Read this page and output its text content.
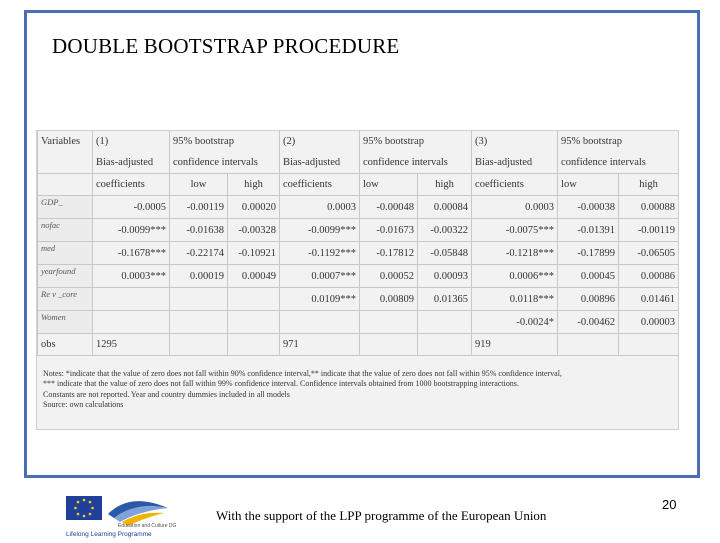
DOUBLE BOOTSTRAP PROCEDURE
Variables	(1)	95% bootstrap		(2)	95% bootstrap		(3)	95% bootstrap	
	Bias-adjusted	confidence intervals		Bias-adjusted	confidence intervals		Bias-adjusted	confidence intervals	
	coefficients	low	high	coefficients	low	high	coefficients	low	high
GDP_	-0.0005	-0.00119	0.00020	0.0003	-0.00048	0.00084	0.0003	-0.00038	0.00088
nofac	-0.0099***	-0.01638	-0.00328	-0.0099***	-0.01673	-0.00322	-0.0075***	-0.01391	-0.00119
med	-0.1678***	-0.22174	-0.10921	-0.1192***	-0.17812	-0.05848	-0.1218***	-0.17899	-0.06505
yearfound	0.0003***	0.00019	0.00049	0.0007***	0.00052	0.00093	0.0006***	0.00045	0.00086
Re v _core				0.0109***	0.00809	0.01365	0.0118***	0.00896	0.01461
Women							-0.0024*	-0.00462	0.00003
obs	1295			971			919		
Notes: *indicate that the value of zero does not fall within 90% confidence interval,** indicate that the value of zero does not fall within 95% confidence interval,
*** indicate that the value of zero does not fall within 99% confidence interval. Confidence intervals obtained from 1000 bootstrapping interactions.
Constants are not reported. Year and country dummies included in all models
Source: own calculations
Education and Culture DG
Lifelong Learning Programme
With the support of the LPP programme of the European Union
20
